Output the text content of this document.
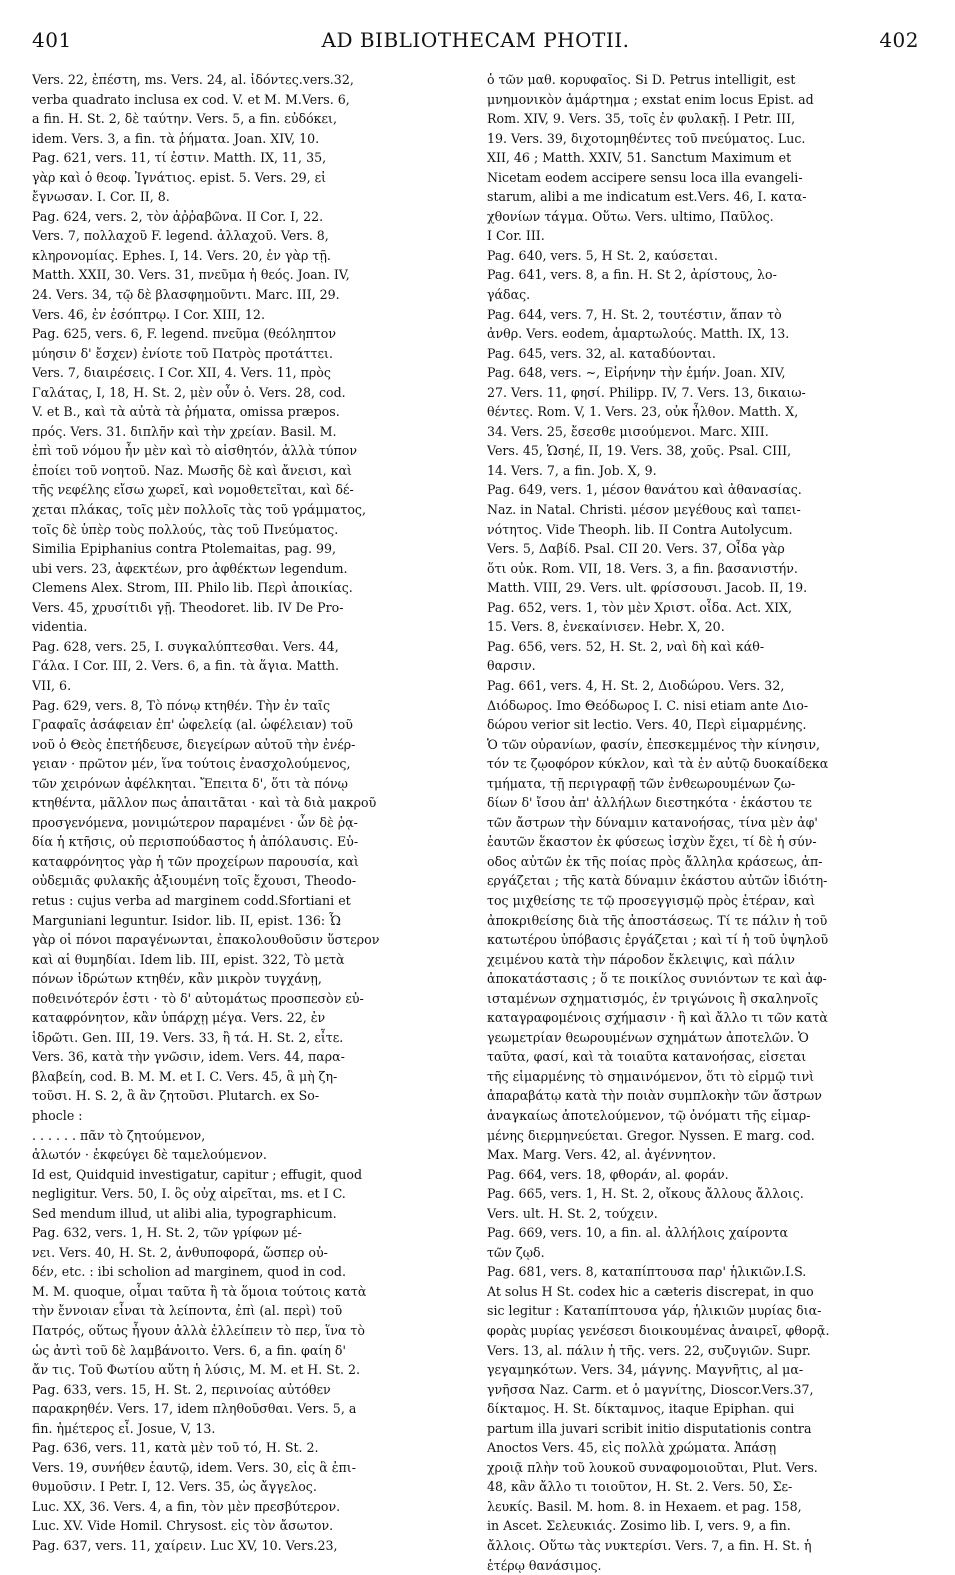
401	AD BIBLIOTHECAM PHOTII.	402
Vers. 22, ἐπέστη, ms. Vers. 24, al. ἰδόντες.vers.32,
verba quadrato inclusa ex cod. V. et M. M.Vers. 6,
a fin. H. St. 2, δὲ ταύτην. Vers. 5, a fin. εὐδόκει,
idem. Vers. 3, a fin. τὰ ῥήματα. Joan. XIV, 10.
Pag. 621, vers. 11, τί ἐστιν. Matth. IX, 11, 35,
γὰρ καὶ ὁ θεοφ. Ἰγνάτιος. epist. 5. Vers. 29, εἰ
ἔγνωσαν. I. Cor. II, 8.
Pag. 624, vers. 2, τὸν ἀῤῥαβῶνα. II Cor. I, 22.
Vers. 7, πολλαχοῦ F. legend. ἀλλαχοῦ. Vers. 8,
κληρονομίας. Ephes. I, 14. Vers. 20, ἐν γὰρ τῇ.
Matth. XXII, 30. Vers. 31, πνεῦμα ἡ θεός. Joan. IV,
24. Vers. 34, τῷ δὲ βλασφημοῦντι. Marc. III, 29.
Vers. 46, ἐν ἐσόπτρῳ. I Cor. XIII, 12.
Pag. 625, vers. 6, F. legend. πνεῦμα (θεόληπτον
μύησιν δ' ἔσχεν) ἐνίοτε τοῦ Πατρὸς προτάττει.
Vers. 7, διαιρέσεις. I Cor. XII, 4. Vers. 11, πρὸς
Γαλάτας, I, 18, H. St. 2, μὲν οὖν ὁ. Vers. 28, cod.
V. et B., καὶ τὰ αὐτὰ τὰ ῥήματα, omissa præpos.
πρός. Vers. 31. διπλῆν καὶ τὴν χρείαν. Basil. M.
ἐπὶ τοῦ νόμου ἦν μὲν καὶ τὸ αἰσθητόν, ἀλλὰ τύπον
ἐποίει τοῦ νοητοῦ. Naz. Μωσῆς δὲ καὶ ἄνεισι, καὶ
τῆς νεφέλης εἴσω χωρεῖ, καὶ νομοθετεῖται, καὶ δέ-
χεται πλάκας, τοῖς μὲν πολλοῖς τὰς τοῦ γράμματος,
τοῖς δὲ ὑπὲρ τοὺς πολλούς, τὰς τοῦ Πνεύματος.
Similia Epiphanius contra Ptolemaitas, pag. 99,
ubi vers. 23, ἀφεκτέων, pro ἀφθέκτων legendum.
Clemens Alex. Strom, III. Philo lib. Περὶ ἀποικίας.
Vers. 45, χρυσίτιδι γῇ. Theodoret. lib. IV De Pro-
videntia.
Pag. 628, vers. 25, I. συγκαλύπτεσθαι. Vers. 44,
Γάλα. I Cor. III, 2. Vers. 6, a fin. τὰ ἅγια. Matth.
VII, 6.
Pag. 629, vers. 8, Τὸ πόνῳ κτηθέν. Τὴν ἐν ταῖς
Γραφαῖς ἀσάφειαν ἐπ' ὠφελείᾳ (al. ὠφέλειαν) τοῦ
νοῦ ὁ Θεὸς ἐπετήδευσε, διεγείρων αὐτοῦ τὴν ἐνέρ-
γειαν · πρῶτον μέν, ἵνα τούτοις ἐνασχολούμενος,
τῶν χειρόνων ἀφέλκηται. Ἔπειτα δ', ὅτι τὰ πόνῳ
κτηθέντα, μᾶλλον πως ἀπαιτᾶται · καὶ τὰ διὰ μακροῦ
προσγενόμενα, μονιμώτερον παραμένει · ὧν δὲ ῥᾳ-
δία ἡ κτῆσις, οὐ περισπούδαστος ἡ ἀπόλαυσις. Εὐ-
καταφρόνητος γὰρ ἡ τῶν προχείρων παρουσία, καὶ
οὐδεμιᾶς φυλακῆς ἀξιουμένη τοῖς ἔχουσι, Theodo-
retus : cujus verba ad marginem codd.Sfortiani et
Marguniani leguntur. Isidor. lib. II, epist. 136: Ὦ
γὰρ οἱ πόνοι παραγένωνται, ἐπακολουθοῦσιν ὕστερον
καὶ αἱ θυμηδίαι. Idem lib. III, epist. 322, Τὸ μετὰ
πόνων ἱδρώτων κτηθέν, κἂν μικρὸν τυγχάνῃ,
ποθεινότερόν ἐστι · τὸ δ' αὐτομάτως προσπεσὸν εὐ-
καταφρόνητον, κἂν ὑπάρχῃ μέγα. Vers. 22, ἐν
ἱδρῶτι. Gen. III, 19. Vers. 33, ἢ τά. H. St. 2, εἶτε.
Vers. 36, κατὰ τὴν γνῶσιν, idem. Vers. 44, παρα-
βλαβείη, cod. B. M. M. et I. C. Vers. 45, ἃ μὴ ζη-
τοῦσι. H. S. 2, ἃ ἂν ζητοῦσι. Plutarch. ex So-
phocle :
. . . . . . πᾶν τὸ ζητούμενον,
ἁλωτόν · ἐκφεύγει δὲ ταμελούμενον.
Id est, Quidquid investigatur, capitur ; effugit, quod
negligitur. Vers. 50, I. ὃς οὐχ αἱρεῖται, ms. et I C.
Sed mendum illud, ut alibi alia, typographicum.
Pag. 632, vers. 1, H. St. 2, τῶν γρίφων μέ-
νει. Vers. 40, H. St. 2, ἀνθυποφορά, ὥσπερ οὐ-
δέν, etc. : ibi scholion ad marginem, quod in cod.
M. M. quoque, οἶμαι ταῦτα ἢ τὰ ὅμοια τούτοις κατὰ
τὴν ἔννοιαν εἶναι τὰ λείποντα, ἐπὶ (al. περὶ) τοῦ
Πατρός, οὕτως ἦγουν ἀλλὰ ἐλλείπειν τὸ περ, ἵνα τὸ
ὡς ἀντὶ τοῦ δὲ λαμβάνοιτο. Vers. 6, a fin. φαίη δ'
ἄν τις. Τοῦ Φωτίου αὕτη ἡ λύσις, M. M. et H. St. 2.
Pag. 633, vers. 15, H. St. 2, περινοίας αὐτόθεν
παρακρηθέν. Vers. 17, idem πληθοῦσθαι. Vers. 5, a
fin. ἡμέτερος εἶ. Josue, V, 13.
Pag. 636, vers. 11, κατὰ μὲν τοῦ τό, H. St. 2.
Vers. 19, συνήθεν ἑαυτῷ, idem. Vers. 30, εἰς ἃ ἐπι-
θυμοῦσιν. I Petr. I, 12. Vers. 35, ὡς ἄγγελος.
Luc. XX, 36. Vers. 4, a fin, τὸν μὲν πρεσβύτερον.
Luc. XV. Vide Homil. Chrysost. εἰς τὸν ἄσωτον.
Pag. 637, vers. 11, χαίρειν. Luc XV, 10. Vers.23,
ὁ τῶν μαθ. κορυφαῖος. Si D. Petrus intelligit, est
μνημονικὸν ἁμάρτημα ; exstat enim locus Epist. ad
Rom. XIV, 9. Vers. 35, τοῖς ἐν φυλακῇ. I Petr. III,
19. Vers. 39, διχοτομηθέντες τοῦ πνεύματος. Luc.
XII, 46 ; Matth. XXIV, 51. Sanctum Maximum et
Nicetam eodem accipere sensu loca illa evangeli-
starum, alibi a me indicatum est.Vers. 46, I. κατα-
χθονίων τάγμα. Οὕτω. Vers. ultimo, Παῦλος.
I Cor. III.
Pag. 640, vers. 5, H St. 2, καύσεται.
Pag. 641, vers. 8, a fin. H. St 2, ἀρίστους, λο-
γάδας.
Pag. 644, vers. 7, H. St. 2, τουτέστιν, ἅπαν τὸ
ἀνθρ. Vers. eodem, ἁμαρτωλούς. Matth. IX, 13.
Pag. 645, vers. 32, al. καταδύονται.
Pag. 648, vers. ~, Εἰρήνην τὴν ἐμήν. Joan. XIV,
27. Vers. 11, φησί. Philipp. IV, 7. Vers. 13, δικαιω-
θέντες. Rom. V, 1. Vers. 23, οὐκ ἦλθον. Matth. X,
34. Vers. 25, ἔσεσθε μισούμενοι. Marc. XIII.
Vers. 45, Ὡσηέ, II, 19. Vers. 38, χοῦς. Psal. CIII,
14. Vers. 7, a fin. Job. X, 9.
Pag. 649, vers. 1, μέσον θανάτου καὶ ἀθανασίας.
Naz. in Natal. Christi. μέσον μεγέθους καὶ ταπει-
νότητος. Vide Theoph. lib. II Contra Autolycum.
Vers. 5, Δαβίδ. Psal. CII 20. Vers. 37, Οἶδα γὰρ
ὅτι οὐκ. Rom. VII, 18. Vers. 3, a fin. βασανιστήν.
Matth. VIII, 29. Vers. ult. φρίσσουσι. Jacob. II, 19.
Pag. 652, vers. 1, τὸν μὲν Χριστ. οἶδα. Act. XIX,
15. Vers. 8, ἐνεκαίνισεν. Hebr. X, 20.
Pag. 656, vers. 52, H. St. 2, ναὶ δὴ καὶ κάθ-
θαρσιν.
Pag. 661, vers. 4, H. St. 2, Διοδώρου. Vers. 32,
Διόδωρος. Imo Θεόδωρος I. C. nisi etiam ante Διο-
δώρου verior sit lectio. Vers. 40, Περὶ εἱμαρμένης.
Ὁ τῶν οὐρανίων, φασίν, ἐπεσκεμμένος τὴν κίνησιν,
τόν τε ζῳοφόρον κύκλον, καὶ τὰ ἐν αὐτῷ δυοκαίδεκα
τμήματα, τῇ περιγραφῇ τῶν ἐνθεωρουμένων ζω-
δίων δ' ἴσου ἀπ' ἀλλήλων διεστηκότα · ἑκάστου τε
τῶν ἄστρων τὴν δύναμιν κατανοήσας, τίνα μὲν ἀφ'
ἑαυτῶν ἕκαστον ἐκ φύσεως ἰσχὺν ἔχει, τί δὲ ἡ σύν-
οδος αὐτῶν ἐκ τῆς ποίας πρὸς ἄλληλα κράσεως, ἀπ-
εργάζεται ; τῆς κατὰ δύναμιν ἑκάστου αὐτῶν ἰδιότη-
τος μιχθείσης τε τῷ προσεγγισμῷ πρὸς ἑτέραν, καὶ
ἀποκριθείσης διὰ τῆς ἀποστάσεως. Τί τε πάλιν ἡ τοῦ
κατωτέρου ὑπόβασις ἐργάζεται ; καὶ τί ἡ τοῦ ὑψηλοῦ
χειμένου κατὰ τὴν πάροδον ἔκλειψις, καὶ πάλιν
ἀποκατάστασις ; ὅ τε ποικίλος συνιόντων τε καὶ ἀφ-
ισταμένων σχηματισμός, ἐν τριγώνοις ἢ σκαληνοῖς
καταγραφομένοις σχήμασιν · ἢ καὶ ἄλλο τι τῶν κατὰ
γεωμετρίαν θεωρουμένων σχημάτων ἀποτελῶν. Ὁ
ταῦτα, φασί, καὶ τὰ τοιαῦτα κατανοήσας, εἰσεται
τῆς εἱμαρμένης τὸ σημαινόμενον, ὅτι τὸ εἱρμῷ τινὶ
ἀπαραβάτῳ κατὰ τὴν ποιὰν συμπλοκὴν τῶν ἄστρων
ἀναγκαίως ἀποτελούμενον, τῷ ὀνόματι τῆς εἱμαρ-
μένης διερμηνεύεται. Gregor. Nyssen. E marg. cod.
Max. Marg. Vers. 42, al. ἀγέννητον.
Pag. 664, vers. 18, φθοράν, al. φοράν.
Pag. 665, vers. 1, H. St. 2, οἴκους ἄλλους ἄλλοις.
Vers. ult. H. St. 2, τούχειν.
Pag. 669, vers. 10, a fin. al. ἀλλήλοις χαίροντα
τῶν ζῳδ.
Pag. 681, vers. 8, καταπίπτουσα παρ' ἡλικιῶν.I.S.
At solus H St. codex hic a cæteris discrepat, in quo
sic legitur : Καταπίπτουσα γάρ, ἡλικιῶν μυρίας δια-
φορὰς μυρίας γενέσεσι διοικουμένας ἀναιρεῖ, φθορᾷ.
Vers. 13, al. πάλιν ἡ τῆς. vers. 22, συζυγιῶν. Supr.
γεγαμηκότων. Vers. 34, μάγνης. Μαγνῆτις, al μα-
γνῆσσα Naz. Carm. et ὁ μαγνίτης, Dioscor.Vers.37,
δίκταμος. H. St. δίκταμνος, itaque Epiphan. qui
partum illa juvari scribit initio disputationis contra
Anoctos Vers. 45, εἰς πολλὰ χρώματα. Ἀπάσῃ
χροιᾷ πλὴν τοῦ λουκοῦ συναφομοιοῦται, Plut. Vers.
48, κἂν ἄλλο τι τοιοῦτον, H. St. 2. Vers. 50, Σε-
λευκίς. Basil. M. hom. 8. in Hexaem. et pag. 158,
in Ascet. Σελευκιάς. Zosimo lib. I, vers. 9, a fin.
ἄλλοις. Οὕτω τὰς νυκτερίσι. Vers. 7, a fin. H. St. ἡ
ἑτέρῳ θανάσιμος.
